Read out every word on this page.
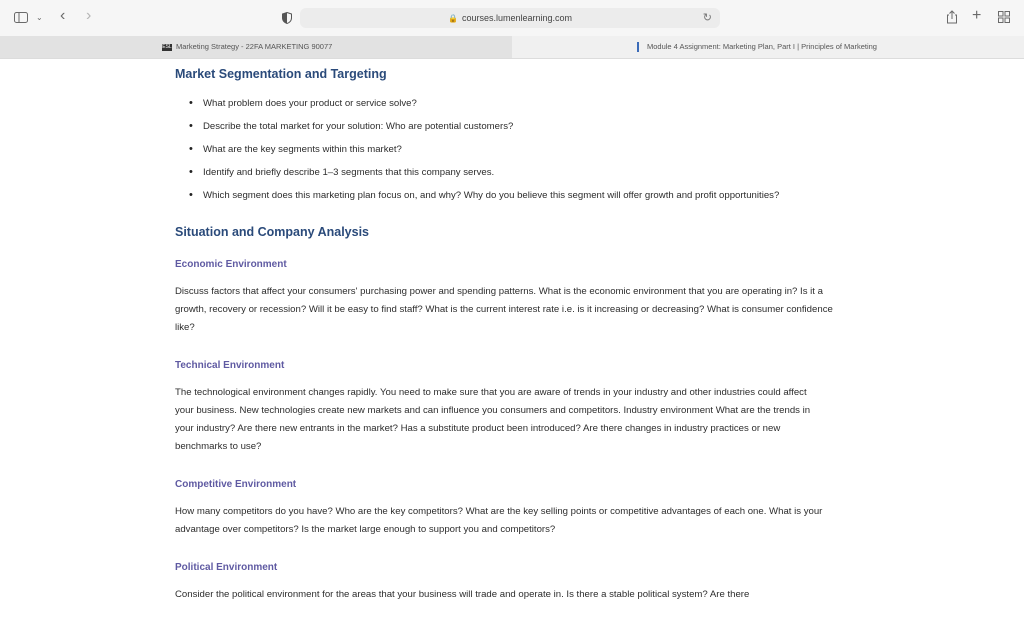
⌄ ‹ ›	🔒 courses.lumenlearning.com	↻	+
ESL Marketing Strategy - 22FA MARKETING 90077	Module 4 Assignment: Marketing Plan, Part I | Principles of Marketing
Market Segmentation and Targeting
• What problem does your product or service solve?
• Describe the total market for your solution: Who are potential customers?
• What are the key segments within this market?
• Identify and briefly describe 1–3 segments that this company serves.
• Which segment does this marketing plan focus on, and why? Why do you believe this segment will offer growth and profit opportunities?
Situation and Company Analysis
Economic Environment

Discuss factors that affect your consumers' purchasing power and spending patterns. What is the economic environment that you are operating in? Is it a growth, recovery or recession? Will it be easy to find staff? What is the current interest rate i.e. is it increasing or decreasing? What is consumer confidence like?

Technical Environment

The technological environment changes rapidly. You need to make sure that you are aware of trends in your industry and other industries could affect your business. New technologies create new markets and can influence you consumers and competitors. Industry environment What are the trends in your industry? Are there new entrants in the market? Has a substitute product been introduced? Are there changes in industry practices or new benchmarks to use?

Competitive Environment

How many competitors do you have? Who are the key competitors? What are the key selling points or competitive advantages of each one. What is your advantage over competitors? Is the market large enough to support you and competitors?

Political Environment

Consider the political environment for the areas that your business will trade and operate in. Is there a stable political system? Are there
